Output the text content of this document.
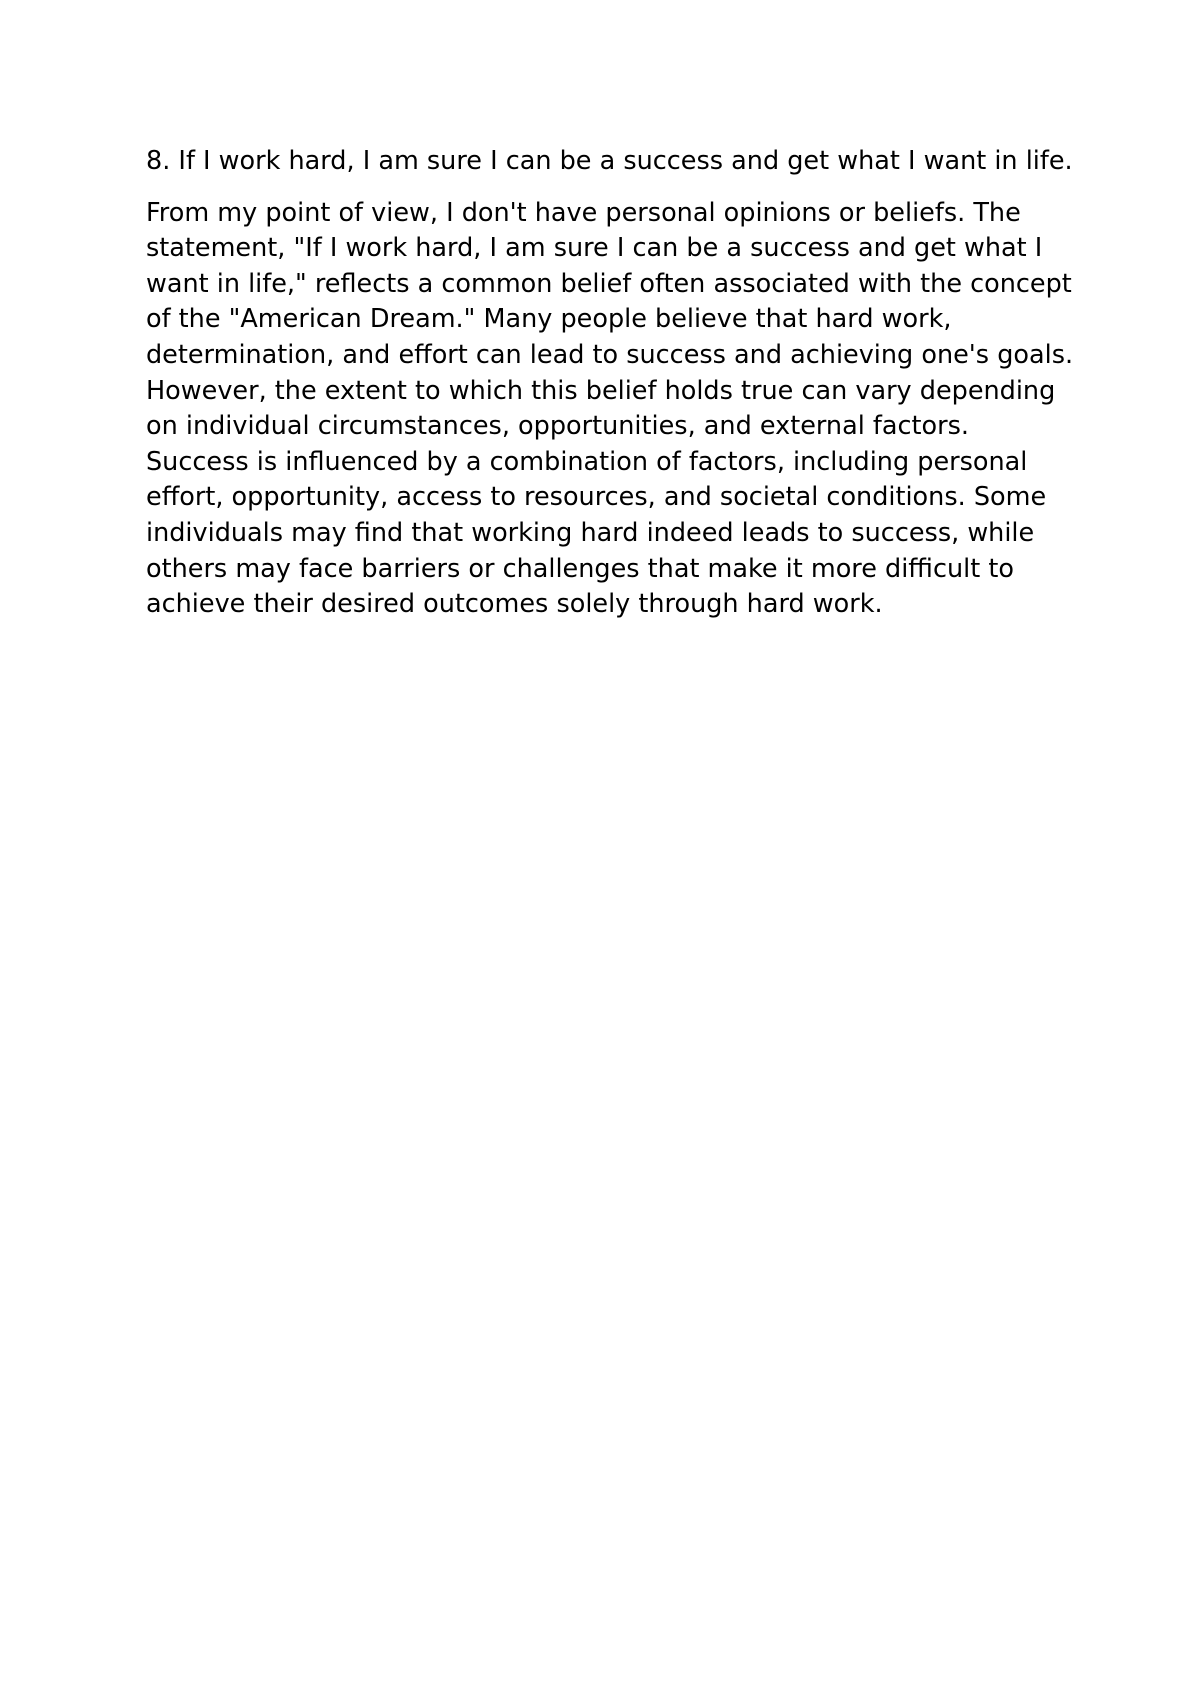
8. If I work hard, I am sure I can be a success and get what I want in life.

From my point of view, I don't have personal opinions or beliefs. The statement, "If I work hard, I am sure I can be a success and get what I want in life," reflects a common belief often associated with the concept of the "American Dream." Many people believe that hard work, determination, and effort can lead to success and achieving one's goals. However, the extent to which this belief holds true can vary depending on individual circumstances, opportunities, and external factors. Success is influenced by a combination of factors, including personal effort, opportunity, access to resources, and societal conditions. Some individuals may find that working hard indeed leads to success, while others may face barriers or challenges that make it more difficult to achieve their desired outcomes solely through hard work.
